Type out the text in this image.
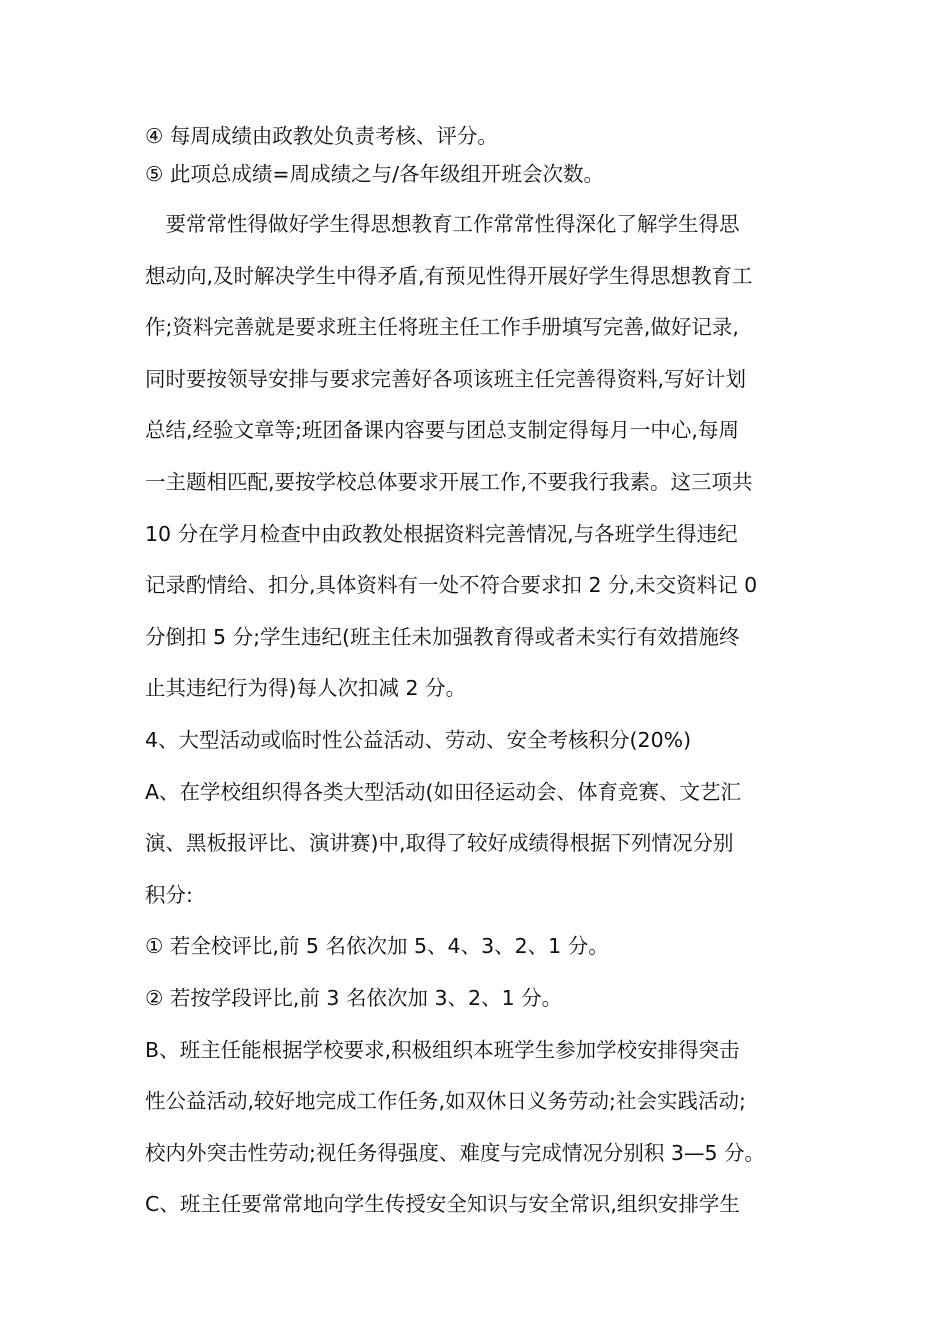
④ 每周成绩由政教处负责考核、评分。

⑤ 此项总成绩=周成绩之与/各年级组开班会次数。

　要常常性得做好学生得思想教育工作常常性得深化了解学生得思

想动向,及时解决学生中得矛盾,有预见性得开展好学生得思想教育工

作;资料完善就是要求班主任将班主任工作手册填写完善,做好记录,

同时要按领导安排与要求完善好各项该班主任完善得资料,写好计划

总结,经验文章等;班团备课内容要与团总支制定得每月一中心,每周

一主题相匹配,要按学校总体要求开展工作,不要我行我素。这三项共

10 分在学月检查中由政教处根据资料完善情况,与各班学生得违纪

记录酌情给、扣分,具体资料有一处不符合要求扣 2 分,未交资料记 0

分倒扣 5 分;学生违纪(班主任未加强教育得或者未实行有效措施终

止其违纪行为得)每人次扣减 2 分。

4、大型活动或临时性公益活动、劳动、安全考核积分(20%)

A、在学校组织得各类大型活动(如田径运动会、体育竞赛、文艺汇

演、黑板报评比、演讲赛)中,取得了较好成绩得根据下列情况分别

积分:

① 若全校评比,前 5 名依次加 5、4、3、2、1 分。

② 若按学段评比,前 3 名依次加 3、2、1 分。

B、班主任能根据学校要求,积极组织本班学生参加学校安排得突击

性公益活动,较好地完成工作任务,如双休日义务劳动;社会实践活动;

校内外突击性劳动;视任务得强度、难度与完成情况分别积 3—5 分。

C、班主任要常常地向学生传授安全知识与安全常识,组织安排学生
